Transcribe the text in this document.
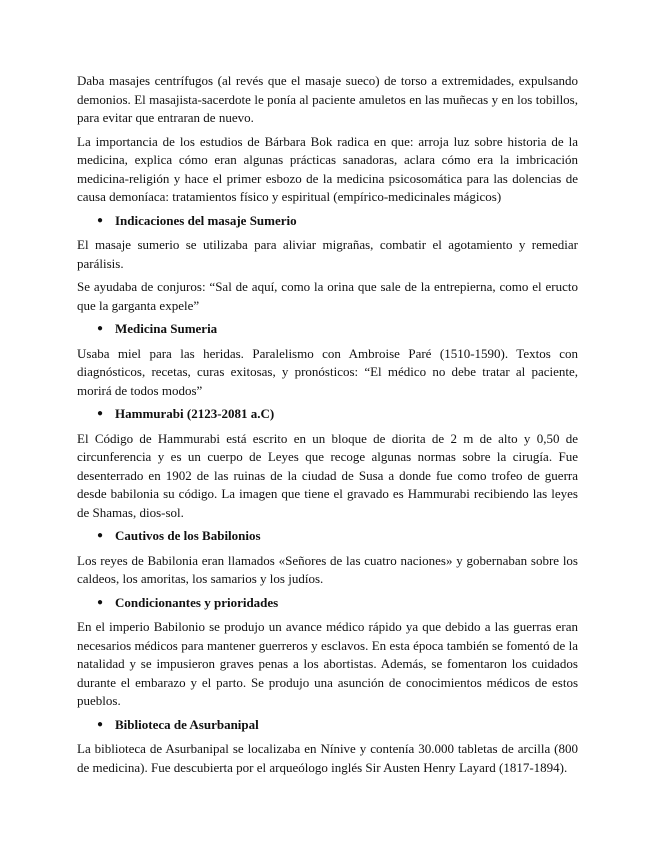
Daba masajes centrífugos (al revés que el masaje sueco) de torso a extremidades, expulsando demonios. El masajista-sacerdote le ponía al paciente amuletos en las muñecas y en los tobillos, para evitar que entraran de nuevo.

La importancia de los estudios de Bárbara Bok radica en que: arroja luz sobre historia de la medicina, explica cómo eran algunas prácticas sanadoras, aclara cómo era la imbricación medicina-religión y hace el primer esbozo de la medicina psicosomática para las dolencias de causa demoníaca: tratamientos físico y espiritual (empírico-medicinales mágicos)

● Indicaciones del masaje Sumerio

El masaje sumerio se utilizaba para aliviar migrañas, combatir el agotamiento y remediar parálisis.

Se ayudaba de conjuros: “Sal de aquí, como la orina que sale de la entrepierna, como el eructo que la garganta expele”

● Medicina Sumeria

Usaba miel para las heridas. Paralelismo con Ambroise Paré (1510-1590). Textos con diagnósticos, recetas, curas exitosas, y pronósticos: “El médico no debe tratar al paciente, morirá de todos modos”

● Hammurabi (2123-2081 a.C)

El Código de Hammurabi está escrito en un bloque de diorita de 2 m de alto y 0,50 de circunferencia y es un cuerpo de Leyes que recoge algunas normas sobre la cirugía. Fue desenterrado en 1902 de las ruinas de la ciudad de Susa a donde fue como trofeo de guerra desde babilonia su código. La imagen que tiene el gravado es Hammurabi recibiendo las leyes de Shamas, dios-sol.

● Cautivos de los Babilonios

Los reyes de Babilonia eran llamados «Señores de las cuatro naciones» y gobernaban sobre los caldeos, los amoritas, los samarios y los judíos.

● Condicionantes y prioridades

En el imperio Babilonio se produjo un avance médico rápido ya que debido a las guerras eran necesarios médicos para mantener guerreros y esclavos. En esta época también se fomentó de la natalidad y se impusieron graves penas a los abortistas. Además, se fomentaron los cuidados durante el embarazo y el parto. Se produjo una asunción de conocimientos médicos de estos pueblos.

● Biblioteca de Asurbanipal

La biblioteca de Asurbanipal se localizaba en Nínive y contenía 30.000 tabletas de arcilla (800 de medicina). Fue descubierta por el arqueólogo inglés Sir Austen Henry Layard (1817-1894).
